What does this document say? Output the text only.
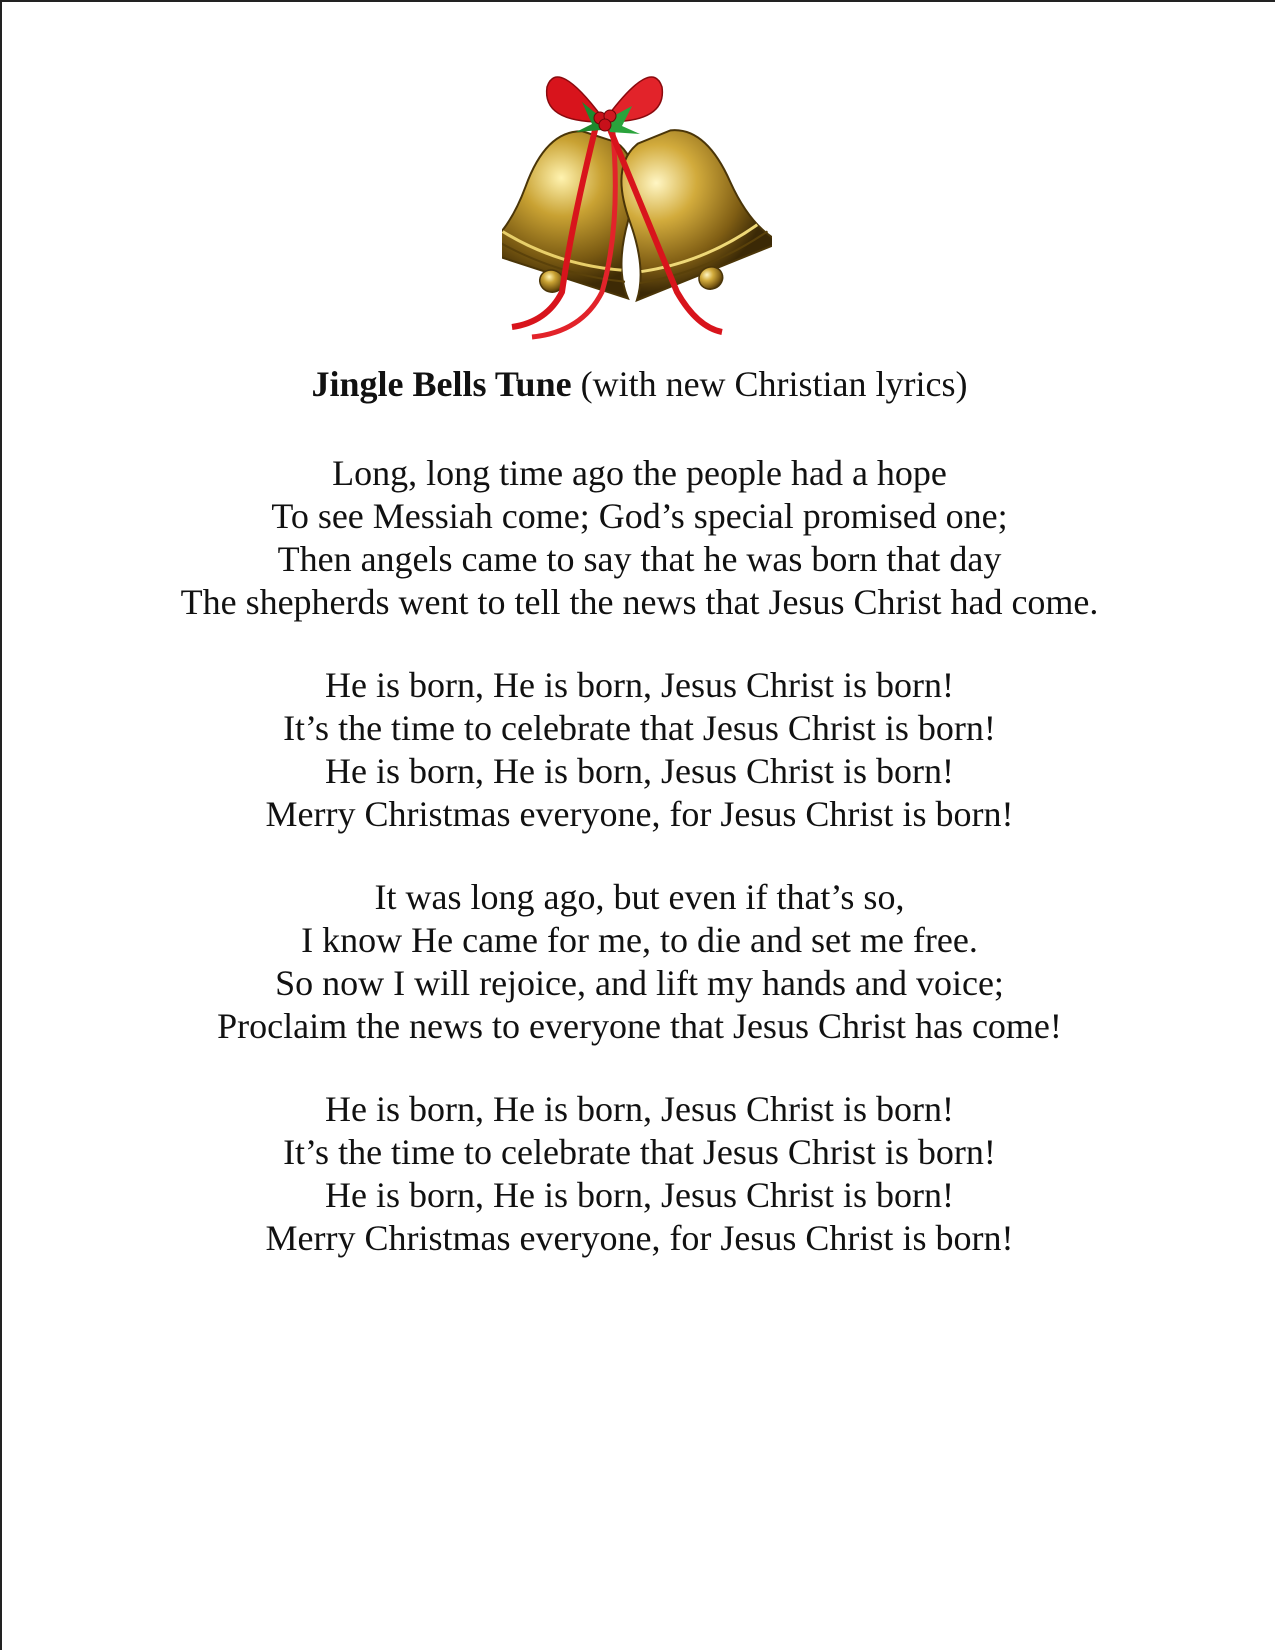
Jingle Bells Tune (with new Christian lyrics)
Long, long time ago the people had a hope
To see Messiah come; God’s special promised one;
Then angels came to say that he was born that day
The shepherds went to tell the news that Jesus Christ had come.
He is born, He is born, Jesus Christ is born!
It’s the time to celebrate that Jesus Christ is born!
He is born, He is born, Jesus Christ is born!
Merry Christmas everyone, for Jesus Christ is born!
It was long ago, but even if that’s so,
I know He came for me, to die and set me free.
So now I will rejoice, and lift my hands and voice;
Proclaim the news to everyone that Jesus Christ has come!
He is born, He is born, Jesus Christ is born!
It’s the time to celebrate that Jesus Christ is born!
He is born, He is born, Jesus Christ is born!
Merry Christmas everyone, for Jesus Christ is born!
